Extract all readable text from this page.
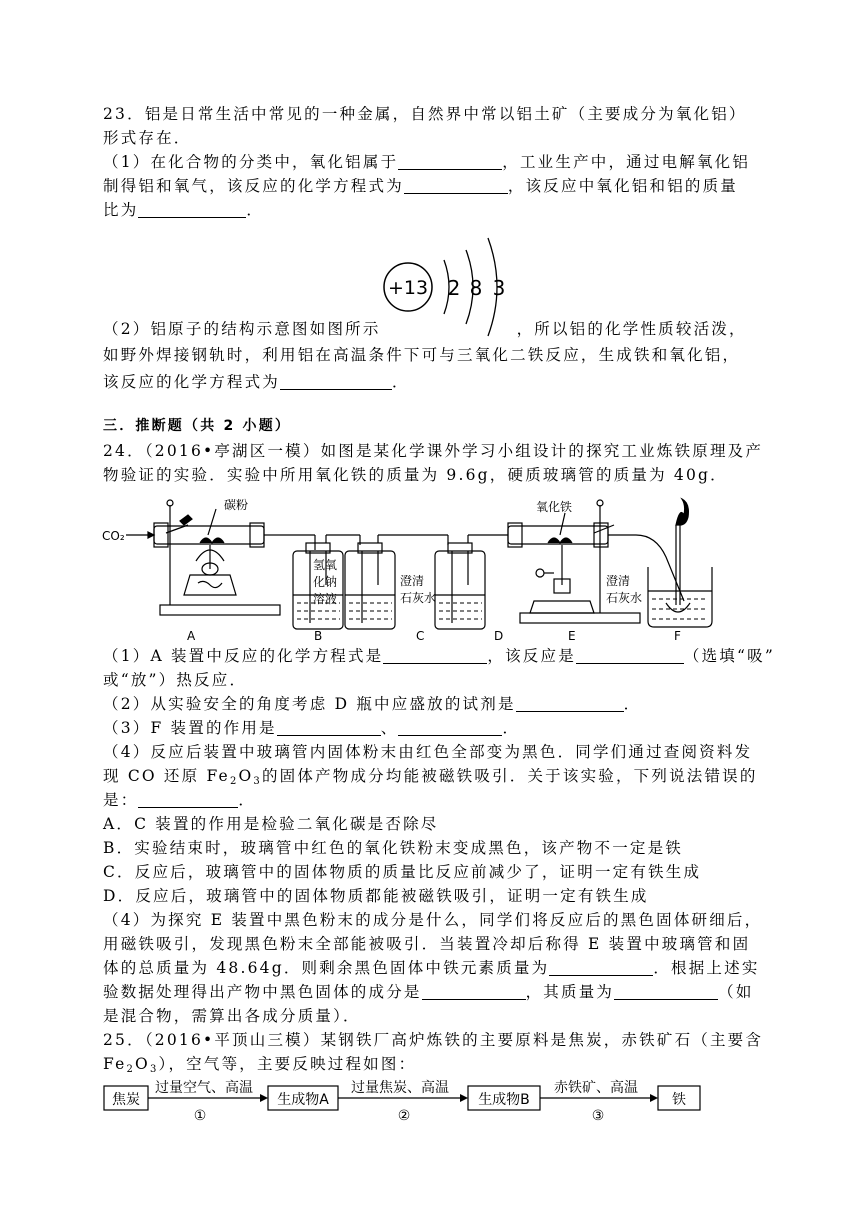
23．铝是日常生活中常见的一种金属，自然界中常以铝土矿（主要成分为氧化铝）
形式存在．
（1）在化合物的分类中，氧化铝属于	，工业生产中，通过电解氧化铝
制得铝和氧气，该反应的化学方程式为	，该反应中氧化铝和铝的质量
比为	．
+13 2 8 3
（2）铝原子的结构示意图如图所示	，所以铝的化学性质较活泼，
如野外焊接钢轨时，利用铝在高温条件下可与三氧化二铁反应，生成铁和氧化铝，
该反应的化学方程式为	．
三．推断题（共 2 小题）
24．（2016•亭湖区一模）如图是某化学课外学习小组设计的探究工业炼铁原理及产
物验证的实验．实验中所用氧化铁的质量为 9.6g，硬质玻璃管的质量为 40g．
CO₂
碳粉	氧化铁
氢氧
化钠
溶液
澄清
石灰水
澄清
石灰水
A	B	C	D	E	F
（1）A 装置中反应的化学方程式是	，该反应是	（选填“吸”
或“放”）热反应．
（2）从实验安全的角度考虑 D 瓶中应盛放的试剂是	．
（3）F 装置的作用是	、	．
（4）反应后装置中玻璃管内固体粉末由红色全部变为黑色．同学们通过查阅资料发
现 CO 还原 $Fe_2O_3$的固体产物成分均能被磁铁吸引．关于该实验，下列说法错误的
是：	．
A．C 装置的作用是检验二氧化碳是否除尽
B．实验结束时，玻璃管中红色的氧化铁粉末变成黑色，该产物不一定是铁
C．反应后，玻璃管中的固体物质的质量比反应前减少了，证明一定有铁生成
D．反应后，玻璃管中的固体物质都能被磁铁吸引，证明一定有铁生成
（4）为探究 E 装置中黑色粉末的成分是什么，同学们将反应后的黑色固体研细后，
用磁铁吸引，发现黑色粉末全部能被吸引．当装置冷却后称得 E 装置中玻璃管和固
体的总质量为 48.64g．则剩余黑色固体中铁元素质量为	．根据上述实
验数据处理得出产物中黑色固体的成分是	，其质量为	（如
是混合物，需算出各成分质量）．
25．（2016•平顶山三模）某钢铁厂高炉炼铁的主要原料是焦炭，赤铁矿石（主要含
$Fe_2O_3$），空气等，主要反映过程如图：
焦炭
过量空气、高温
①
生成物A
过量焦炭、高温
②
生成物B
赤铁矿、高温
③
铁
